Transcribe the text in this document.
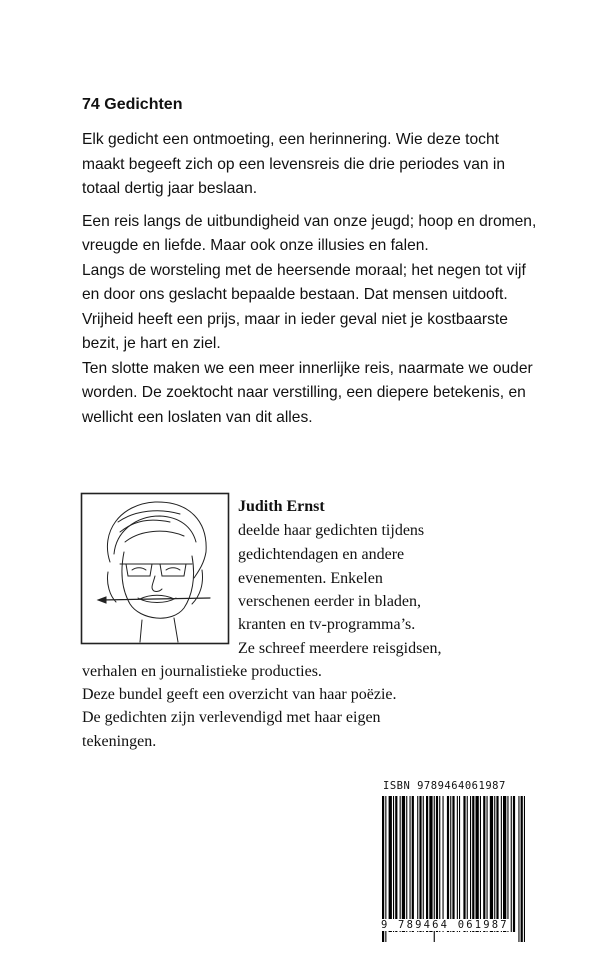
74 Gedichten

Elk gedicht een ontmoeting, een herinnering. Wie deze tocht maakt begeeft zich op een levensreis die drie periodes van in totaal dertig jaar beslaan.

Een reis langs de uitbundigheid van onze jeugd; hoop en dromen, vreugde en liefde. Maar ook onze illusies en falen.

Langs de worsteling met de heersende moraal; het negen tot vijf en door ons geslacht bepaalde bestaan. Dat mensen uitdooft. Vrijheid heeft een prijs, maar in ieder geval niet je kostbaarste bezit, je hart en ziel.

Ten slotte maken we een meer innerlijke reis, naarmate we ouder worden. De zoektocht naar verstilling, een diepere betekenis, en wellicht een loslaten van dit alles.

Judith Ernst
deelde haar gedichten tijdens
gedichtendagen en andere
evenementen. Enkelen
verschenen eerder in bladen,
kranten en tv-programma’s.
Ze schreef meerdere reisgidsen,
verhalen en journalistieke producties.
Deze bundel geeft een overzicht van haar poëzie.
De gedichten zijn verlevendigd met haar eigen
tekeningen.
ISBN 9789464061987
9 789464 061987
